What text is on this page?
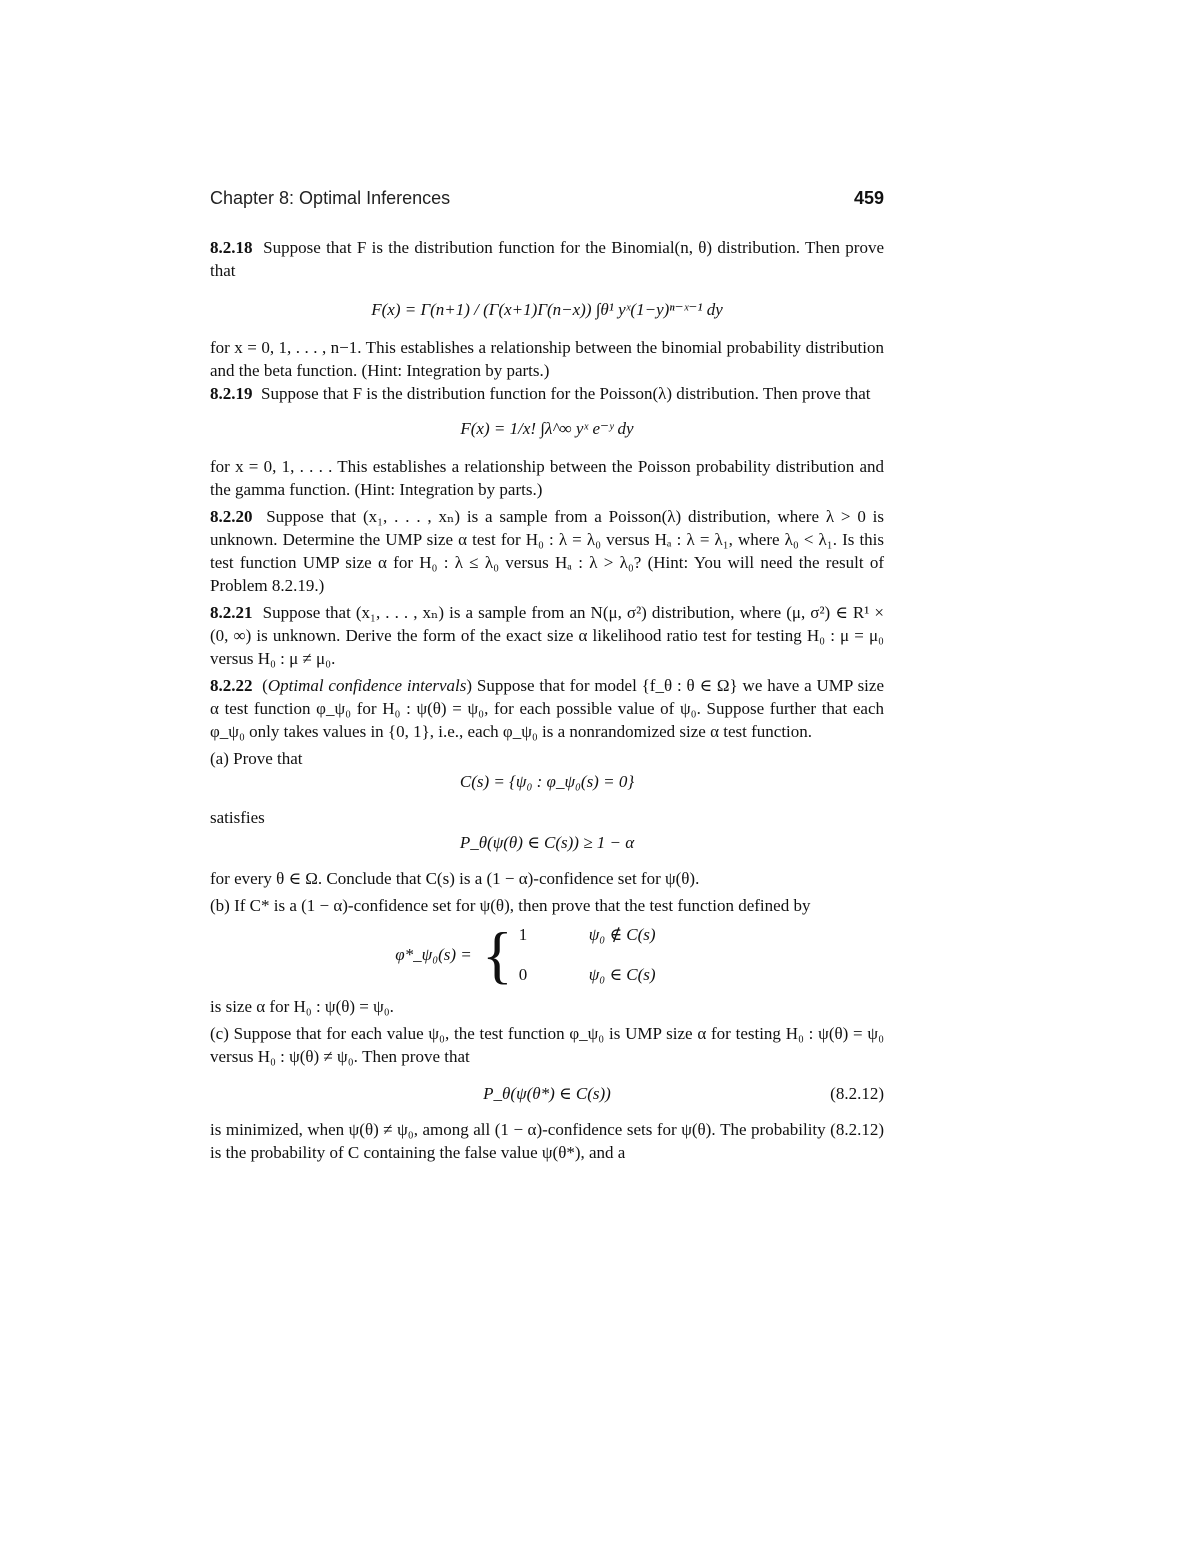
Chapter 8: Optimal Inferences	459

8.2.18 Suppose that F is the distribution function for the Binomial(n, θ) distribution. Then prove that

F(x) = Γ(n+1) / (Γ(x+1)Γ(n−x)) ∫θ¹ yˣ(1−y)ⁿ⁻ˣ⁻¹ dy

for x = 0, 1, . . . , n−1. This establishes a relationship between the binomial probability distribution and the beta function. (Hint: Integration by parts.)

8.2.19 Suppose that F is the distribution function for the Poisson(λ) distribution. Then prove that

F(x) = 1/x! ∫λ^∞ yˣ e⁻ʸ dy

for x = 0, 1, . . . . This establishes a relationship between the Poisson probability distribution and the gamma function. (Hint: Integration by parts.)

8.2.20 Suppose that (x₁, . . . , xₙ) is a sample from a Poisson(λ) distribution, where λ > 0 is unknown. Determine the UMP size α test for H₀ : λ = λ₀ versus Hₐ : λ = λ₁, where λ₀ < λ₁. Is this test function UMP size α for H₀ : λ ≤ λ₀ versus Hₐ : λ > λ₀? (Hint: You will need the result of Problem 8.2.19.)

8.2.21 Suppose that (x₁, . . . , xₙ) is a sample from an N(μ, σ²) distribution, where (μ, σ²) ∈ R¹ × (0, ∞) is unknown. Derive the form of the exact size α likelihood ratio test for testing H₀ : μ = μ₀ versus H₀ : μ ≠ μ₀.

8.2.22  (Optimal confidence intervals) Suppose that for model {f_θ : θ ∈ Ω} we have a UMP size α test function φ_ψ₀ for H₀ : ψ(θ) = ψ₀, for each possible value of ψ₀. Suppose further that each φ_ψ₀ only takes values in {0, 1}, i.e., each φ_ψ₀ is a nonrandomized size α test function.

(a) Prove that

C(s) = {ψ₀ : φ_ψ₀(s) = 0}

satisfies

P_θ(ψ(θ) ∈ C(s)) ≥ 1 − α

for every θ ∈ Ω. Conclude that C(s) is a (1 − α)-confidence set for ψ(θ).

(b) If C* is a (1 − α)-confidence set for ψ(θ), then prove that the test function defined by

φ*_ψ₀(s) = { 1	ψ₀ ∉ C(s)
0	ψ₀ ∈ C(s)

is size α for H₀ : ψ(θ) = ψ₀.

(c) Suppose that for each value ψ₀, the test function φ_ψ₀ is UMP size α for testing H₀ : ψ(θ) = ψ₀ versus H₀ : ψ(θ) ≠ ψ₀. Then prove that

P_θ(ψ(θ*) ∈ C(s))	(8.2.12)

is minimized, when ψ(θ) ≠ ψ₀, among all (1 − α)-confidence sets for ψ(θ). The probability (8.2.12) is the probability of C containing the false value ψ(θ*), and a
